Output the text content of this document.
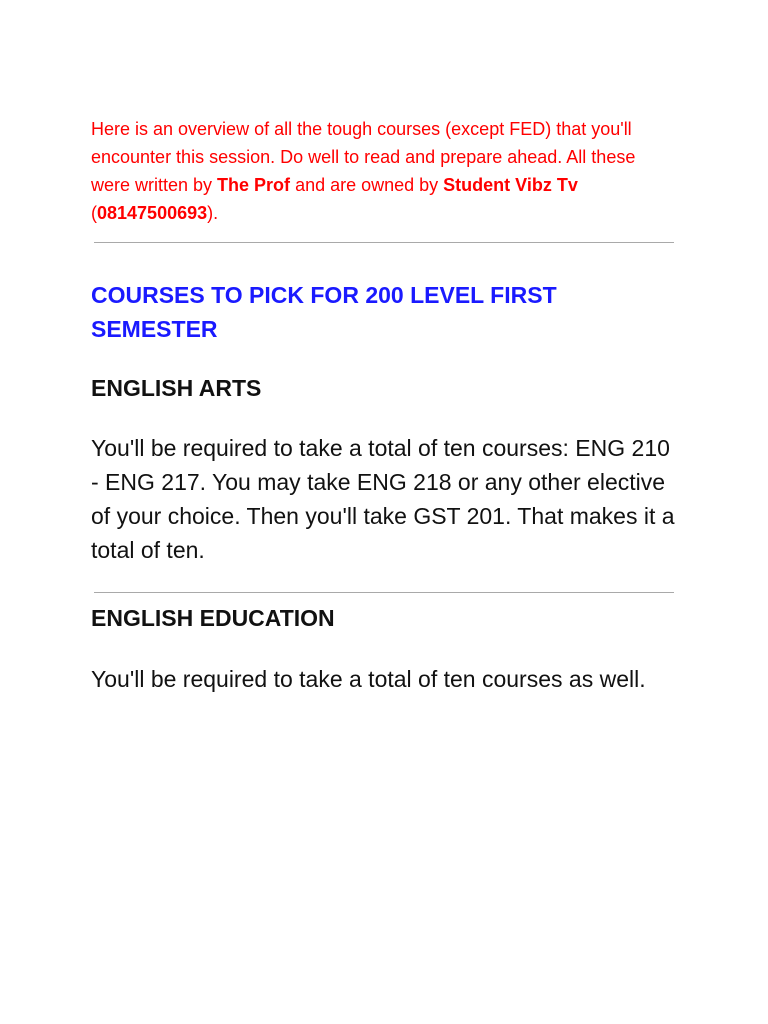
Here is an overview of all the tough courses (except FED) that you'll encounter this session. Do well to read and prepare ahead. All these were written by The Prof and are owned by Student Vibz Tv (08147500693).

COURSES TO PICK FOR 200 LEVEL FIRST SEMESTER
ENGLISH ARTS

You'll be required to take a total of ten courses: ENG 210 - ENG 217. You may take ENG 218 or any other elective of your choice. Then you'll take GST 201. That makes it a total of ten.

ENGLISH EDUCATION

You'll be required to take a total of ten courses as well.
